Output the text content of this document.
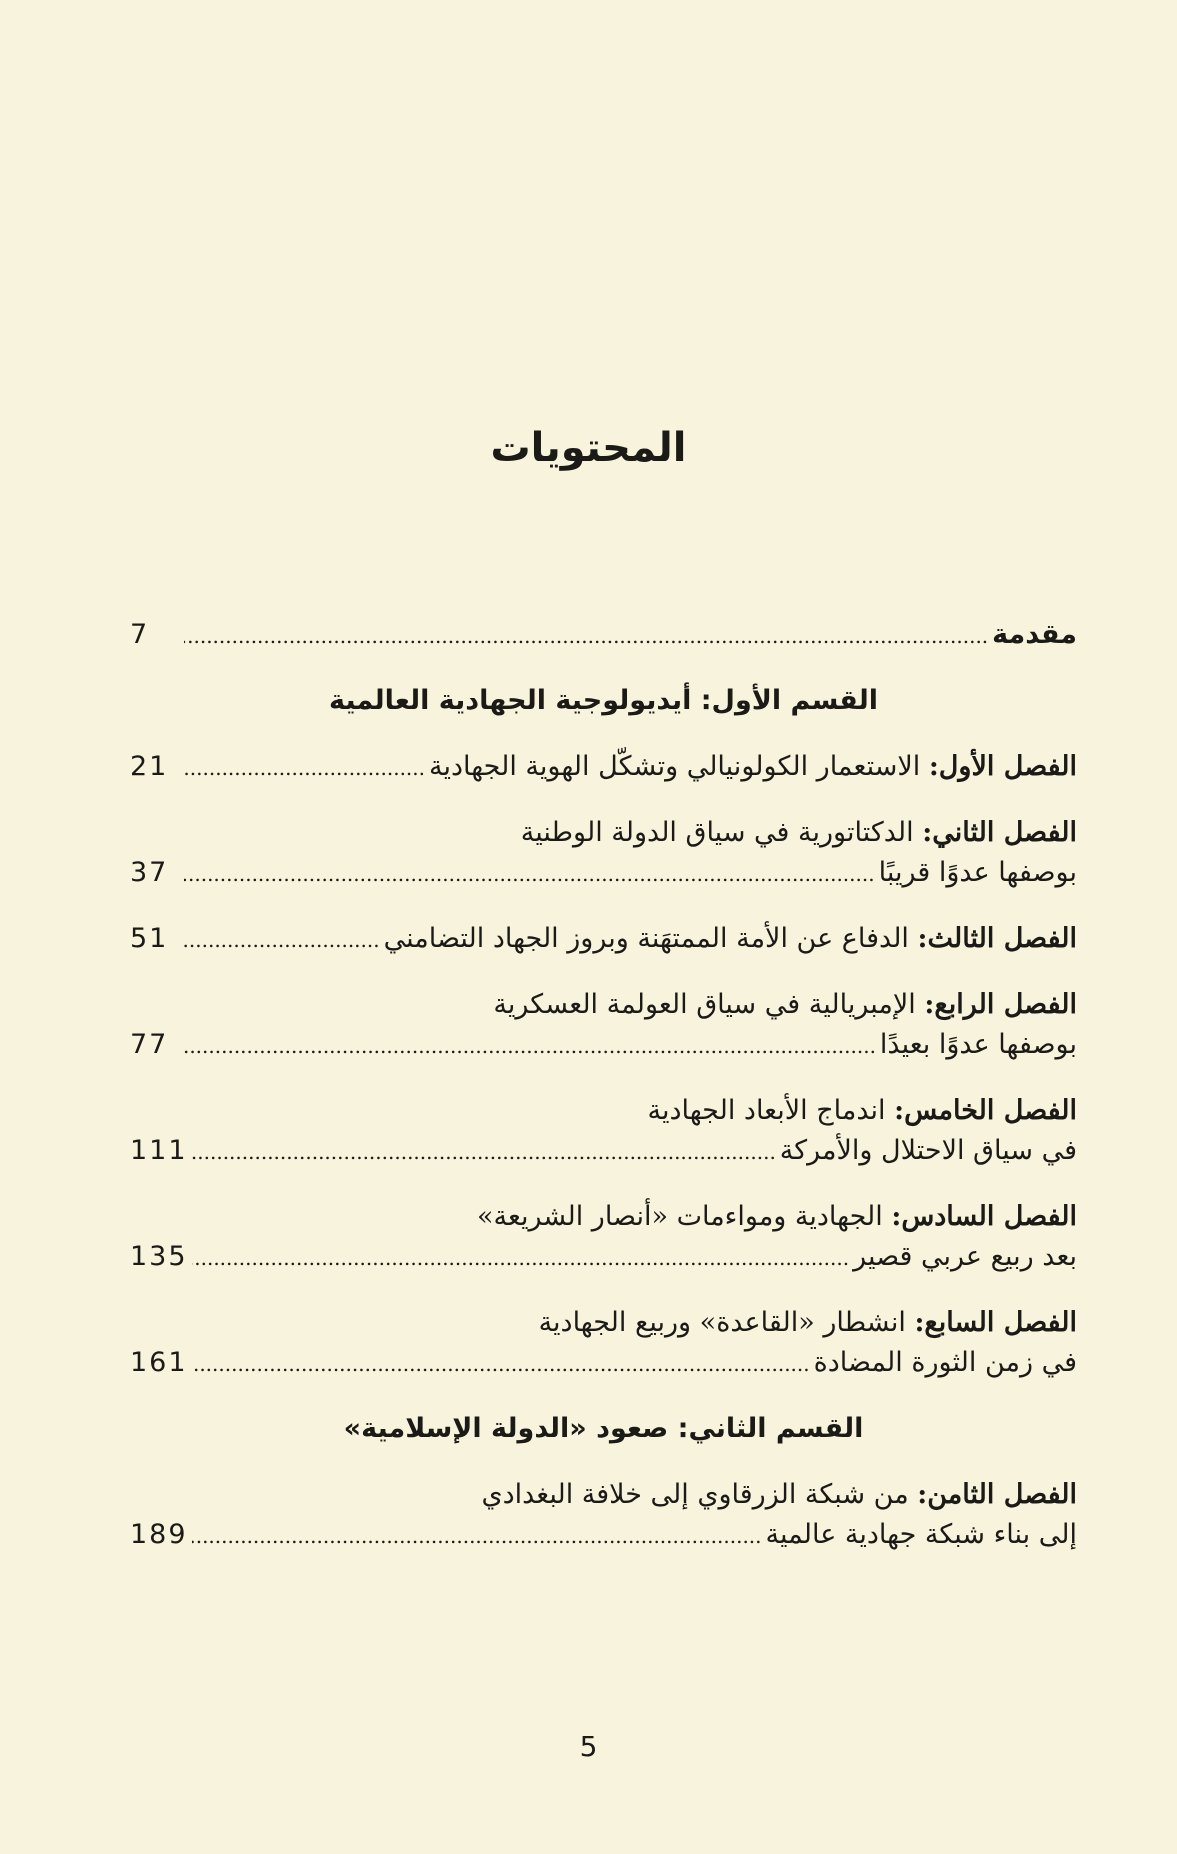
المحتويات
مقدمة
.....
7
القسم الأول: أيديولوجية الجهادية العالمية
الفصل الأول: الاستعمار الكولونيالي وتشكّل الهوية الجهادية
.....
21
الفصل الثاني: الدكتاتورية في سياق الدولة الوطنية
بوصفها عدوًا قريبًا
.....
37
الفصل الثالث: الدفاع عن الأمة الممتهَنة وبروز الجهاد التضامني
.....
51
الفصل الرابع: الإمبريالية في سياق العولمة العسكرية
بوصفها عدوًا بعيدًا
.....
77
الفصل الخامس: اندماج الأبعاد الجهادية
في سياق الاحتلال والأمركة
.....
111
الفصل السادس: الجهادية ومواءمات «أنصار الشريعة»
بعد ربيع عربي قصير
.....
135
الفصل السابع: انشطار «القاعدة» وربيع الجهادية
في زمن الثورة المضادة
.....
161
القسم الثاني: صعود «الدولة الإسلامية»
الفصل الثامن: من شبكة الزرقاوي إلى خلافة البغدادي
إلى بناء شبكة جهادية عالمية
.....
189
5
